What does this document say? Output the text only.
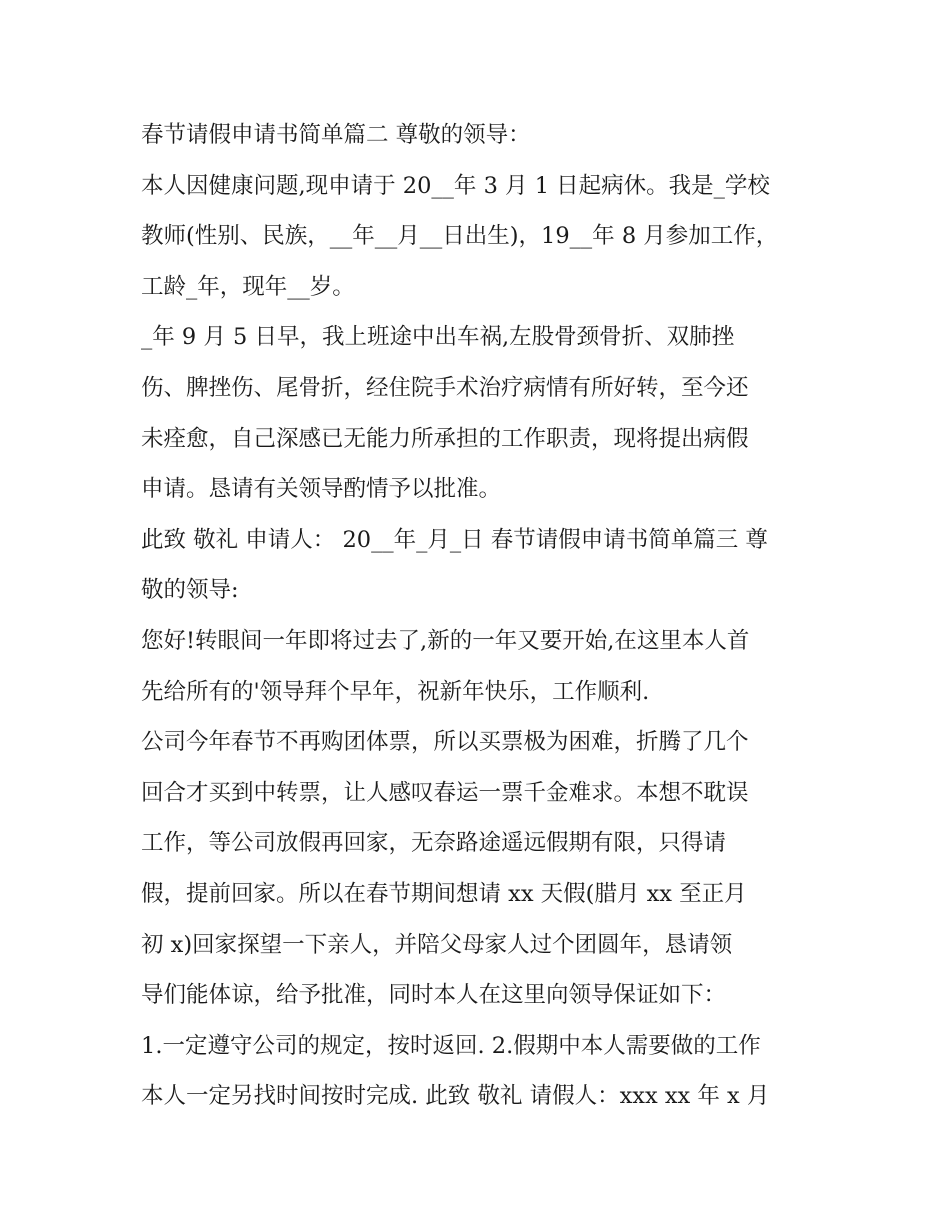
春节请假申请书简单篇二 尊敬的领导：
本人因健康问题,现申请于 20__年 3 月 1 日起病休。我是_学校
教师(性别、民族，__年__月__日出生)，19__年 8 月参加工作，
工龄_年，现年__岁。
_年 9 月 5 日早，我上班途中出车祸,左股骨颈骨折、双肺挫
伤、脾挫伤、尾骨折，经住院手术治疗病情有所好转，至今还
未痊愈，自己深感已无能力所承担的工作职责，现将提出病假
申请。恳请有关领导酌情予以批准。
此致 敬礼 申请人： 20__年_月_日 春节请假申请书简单篇三 尊
敬的领导:
您好!转眼间一年即将过去了,新的一年又要开始,在这里本人首
先给所有的'领导拜个早年，祝新年快乐，工作顺利.
公司今年春节不再购团体票，所以买票极为困难，折腾了几个
回合才买到中转票，让人感叹春运一票千金难求。本想不耽误
工作，等公司放假再回家，无奈路途遥远假期有限，只得请
假，提前回家。所以在春节期间想请 xx 天假(腊月 xx 至正月
初 x)回家探望一下亲人，并陪父母家人过个团圆年，恳请领
导们能体谅，给予批准，同时本人在这里向领导保证如下：
1.一定遵守公司的规定，按时返回. 2.假期中本人需要做的工作
本人一定另找时间按时完成. 此致 敬礼 请假人：xxx xx 年 x 月
